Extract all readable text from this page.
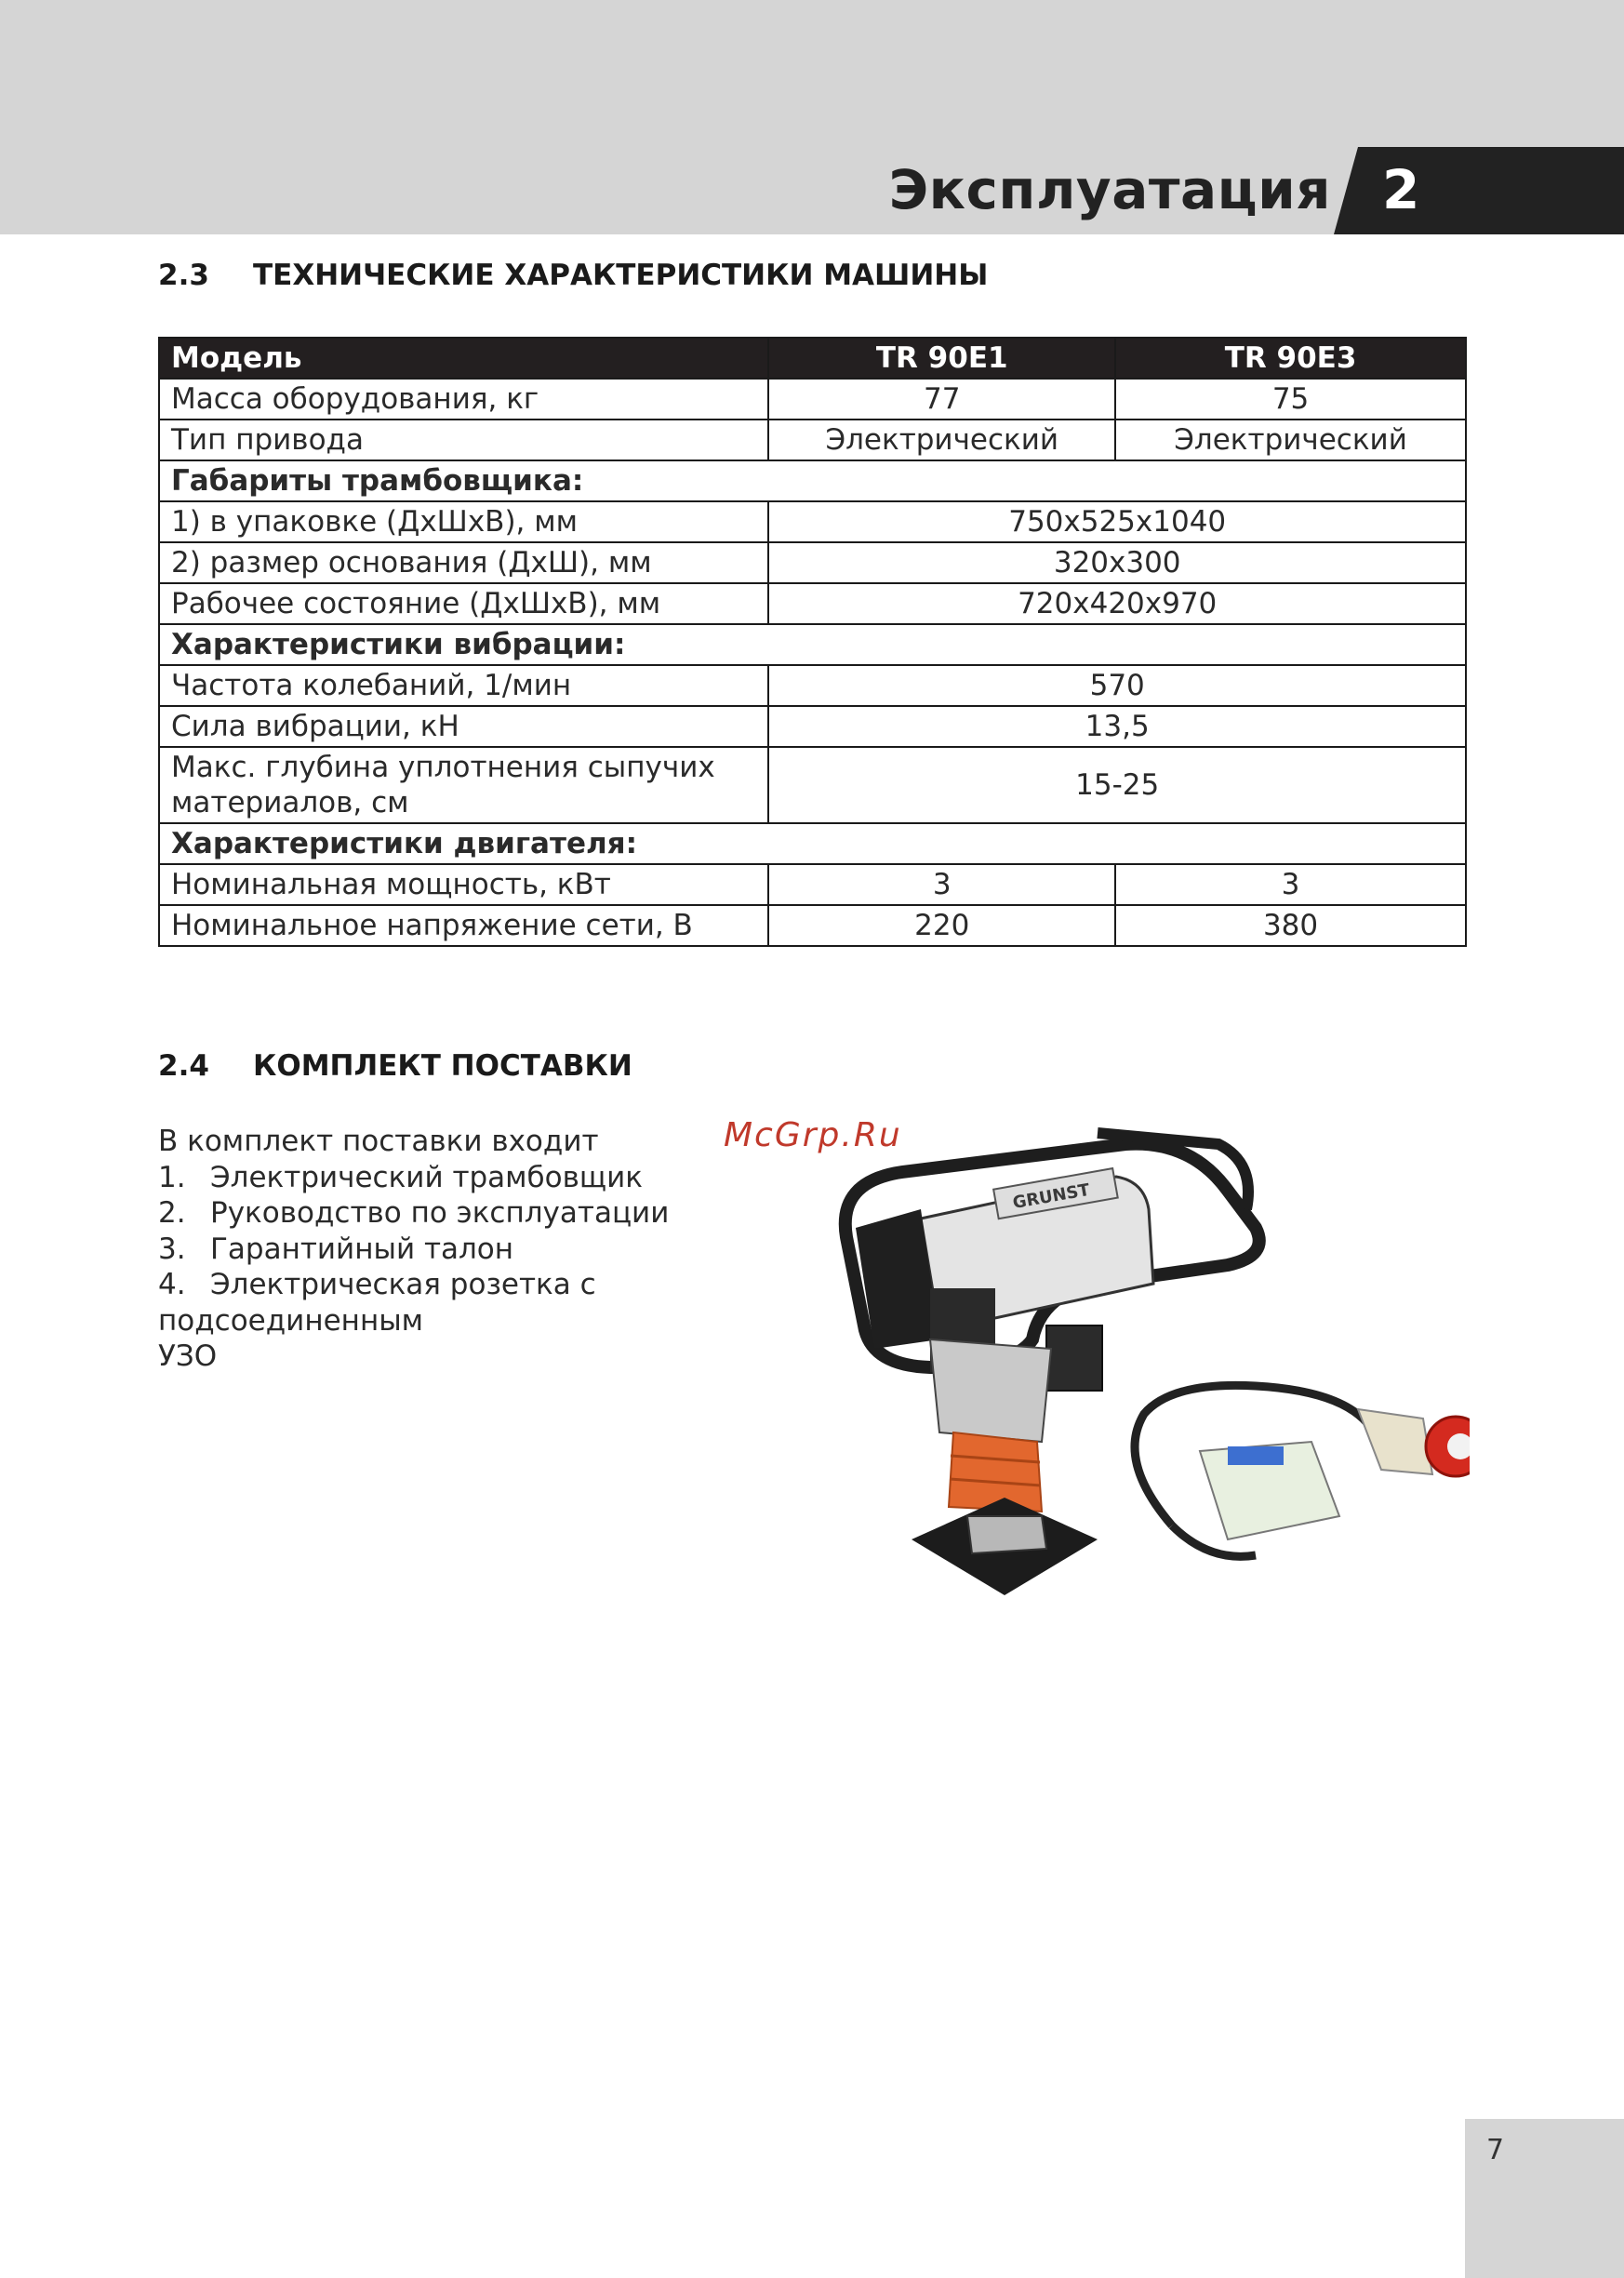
Эксплуатация 2
2.3 ТЕХНИЧЕСКИЕ ХАРАКТЕРИСТИКИ МАШИНЫ
Модель	TR 90E1	TR 90E3
Масса оборудования, кг	77	75
Тип привода	Электрический	Электрический
Габариты трамбовщика:		
1) в упаковке (ДхШхВ), мм	750x525x1040	
2) размер основания (ДхШ), мм	320x300	
Рабочее состояние (ДхШхВ), мм	720x420x970	
Характеристики вибрации:		
Частота колебаний, 1/мин	570	
Сила вибрации, кН	13,5	
Макс. глубина уплотнения сыпучих
материалов, см	15-25	
Характеристики двигателя:		
Номинальная мощность, кВт	3	3
Номинальное напряжение сети, В	220	380
2.4 КОМПЛЕКТ ПОСТАВКИ
В комплект поставки входит
1. Электрический трамбовщик
2. Руководство по эксплуатации
3. Гарантийный талон
4. Электрическая розетка с подсоединенным
УЗО
McGrp.Ru
GRUNST
7
